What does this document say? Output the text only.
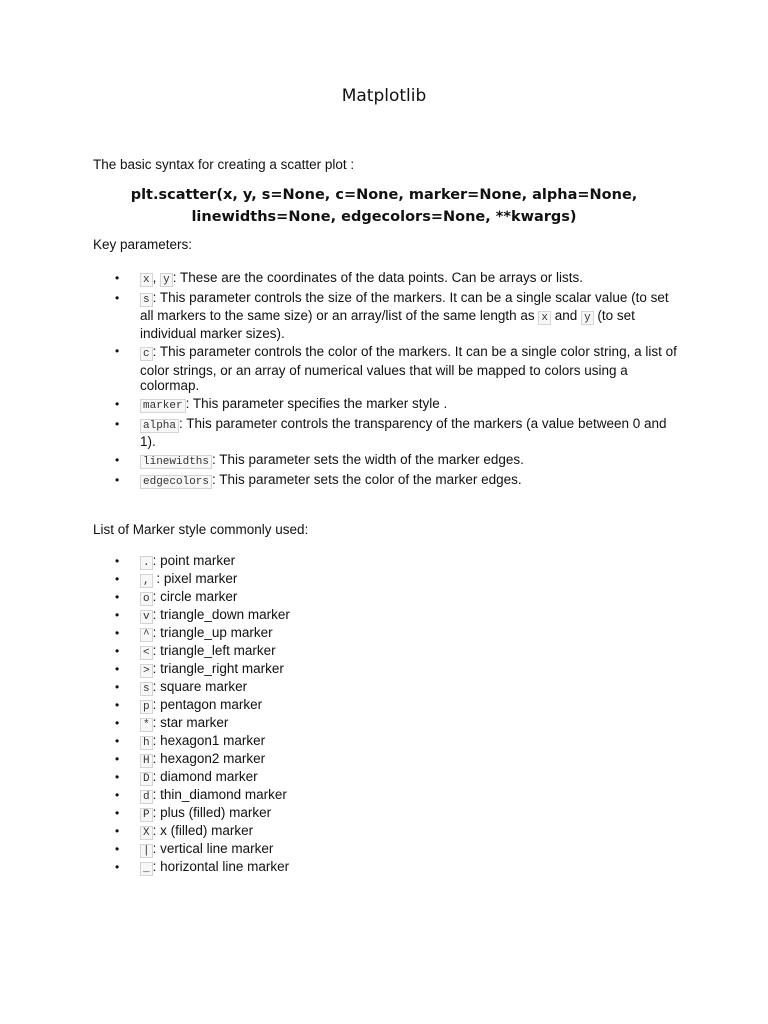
Matplotlib

The basic syntax for creating a scatter plot :

plt.scatter(x, y, s=None, c=None, marker=None, alpha=None,
linewidths=None, edgecolors=None, **kwargs)

Key parameters:

• x , y : These are the coordinates of the data points. Can be arrays or lists.
• s : This parameter controls the size of the markers. It can be a single scalar value (to set all markers to the same size) or an array/list of the same length as x and y (to set individual marker sizes).
• c : This parameter controls the color of the markers. It can be a single color string, a list of color strings, or an array of numerical values that will be mapped to colors using a colormap.
• marker : This parameter specifies the marker style .
• alpha : This parameter controls the transparency of the markers (a value between 0 and 1).
• linewidths : This parameter sets the width of the marker edges.
• edgecolors : This parameter sets the color of the marker edges.

List of Marker style commonly used:

• . : point marker
• , : pixel marker
• o : circle marker
• v : triangle_down marker
• ^ : triangle_up marker
• < : triangle_left marker
• > : triangle_right marker
• s : square marker
• p : pentagon marker
• * : star marker
• h : hexagon1 marker
• H : hexagon2 marker
• D : diamond marker
• d : thin_diamond marker
• P : plus (filled) marker
• X : x (filled) marker
• | : vertical line marker
• _ : horizontal line marker
